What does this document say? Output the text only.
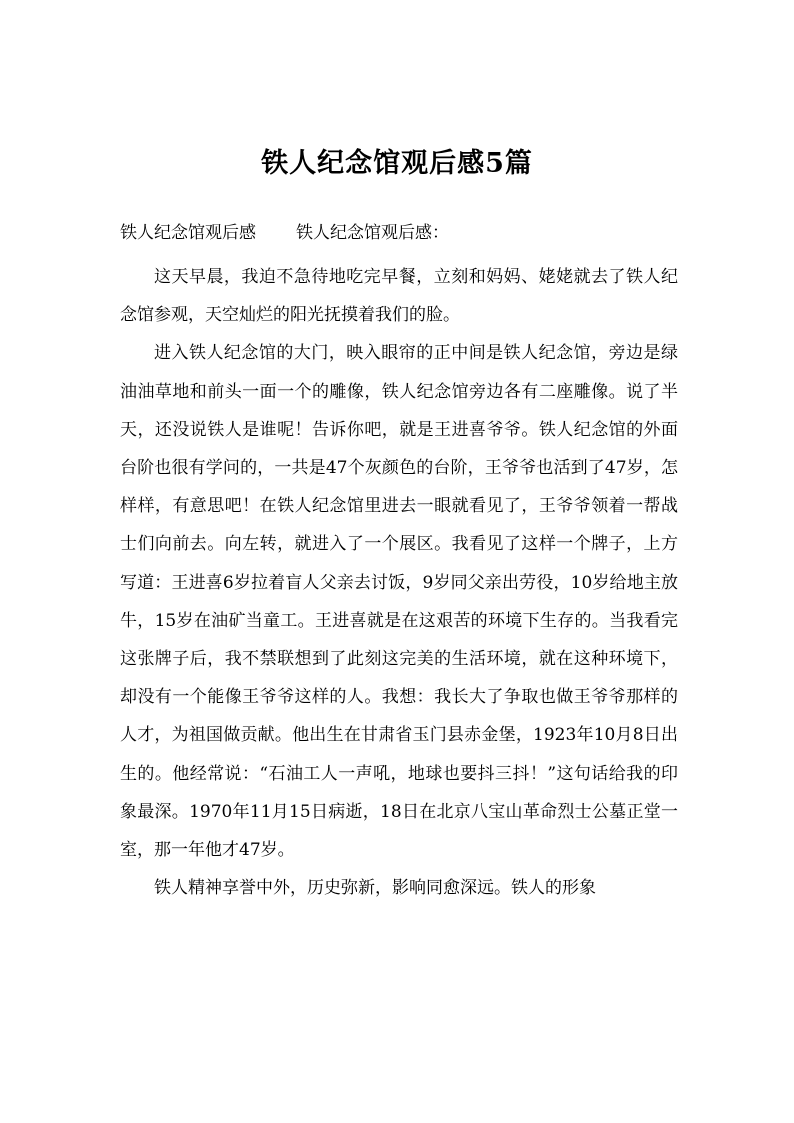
铁人纪念馆观后感5篇
铁人纪念馆观后感 铁人纪念馆观后感：

这天早晨，我迫不急待地吃完早餐，立刻和妈妈、姥姥就去了铁人纪念馆参观，天空灿烂的阳光抚摸着我们的脸。

进入铁人纪念馆的大门，映入眼帘的正中间是铁人纪念馆，旁边是绿油油草地和前头一面一个的雕像，铁人纪念馆旁边各有二座雕像。说了半天，还没说铁人是谁呢！告诉你吧，就是王进喜爷爷。铁人纪念馆的外面台阶也很有学问的，一共是47个灰颜色的台阶，王爷爷也活到了47岁，怎样样，有意思吧！在铁人纪念馆里进去一眼就看见了，王爷爷领着一帮战士们向前去。向左转，就进入了一个展区。我看见了这样一个牌子，上方写道：王进喜6岁拉着盲人父亲去讨饭，9岁同父亲出劳役，10岁给地主放牛，15岁在油矿当童工。王进喜就是在这艰苦的环境下生存的。当我看完这张牌子后，我不禁联想到了此刻这完美的生活环境，就在这种环境下，却没有一个能像王爷爷这样的人。我想：我长大了争取也做王爷爷那样的人才，为祖国做贡献。他出生在甘肃省玉门县赤金堡，1923年10月8日出生的。他经常说：“石油工人一声吼，地球也要抖三抖！”这句话给我的印象最深。1970年11月15日病逝，18日在北京八宝山革命烈士公墓正堂一室，那一年他才47岁。

铁人精神享誉中外，历史弥新，影响同愈深远。铁人的形象
